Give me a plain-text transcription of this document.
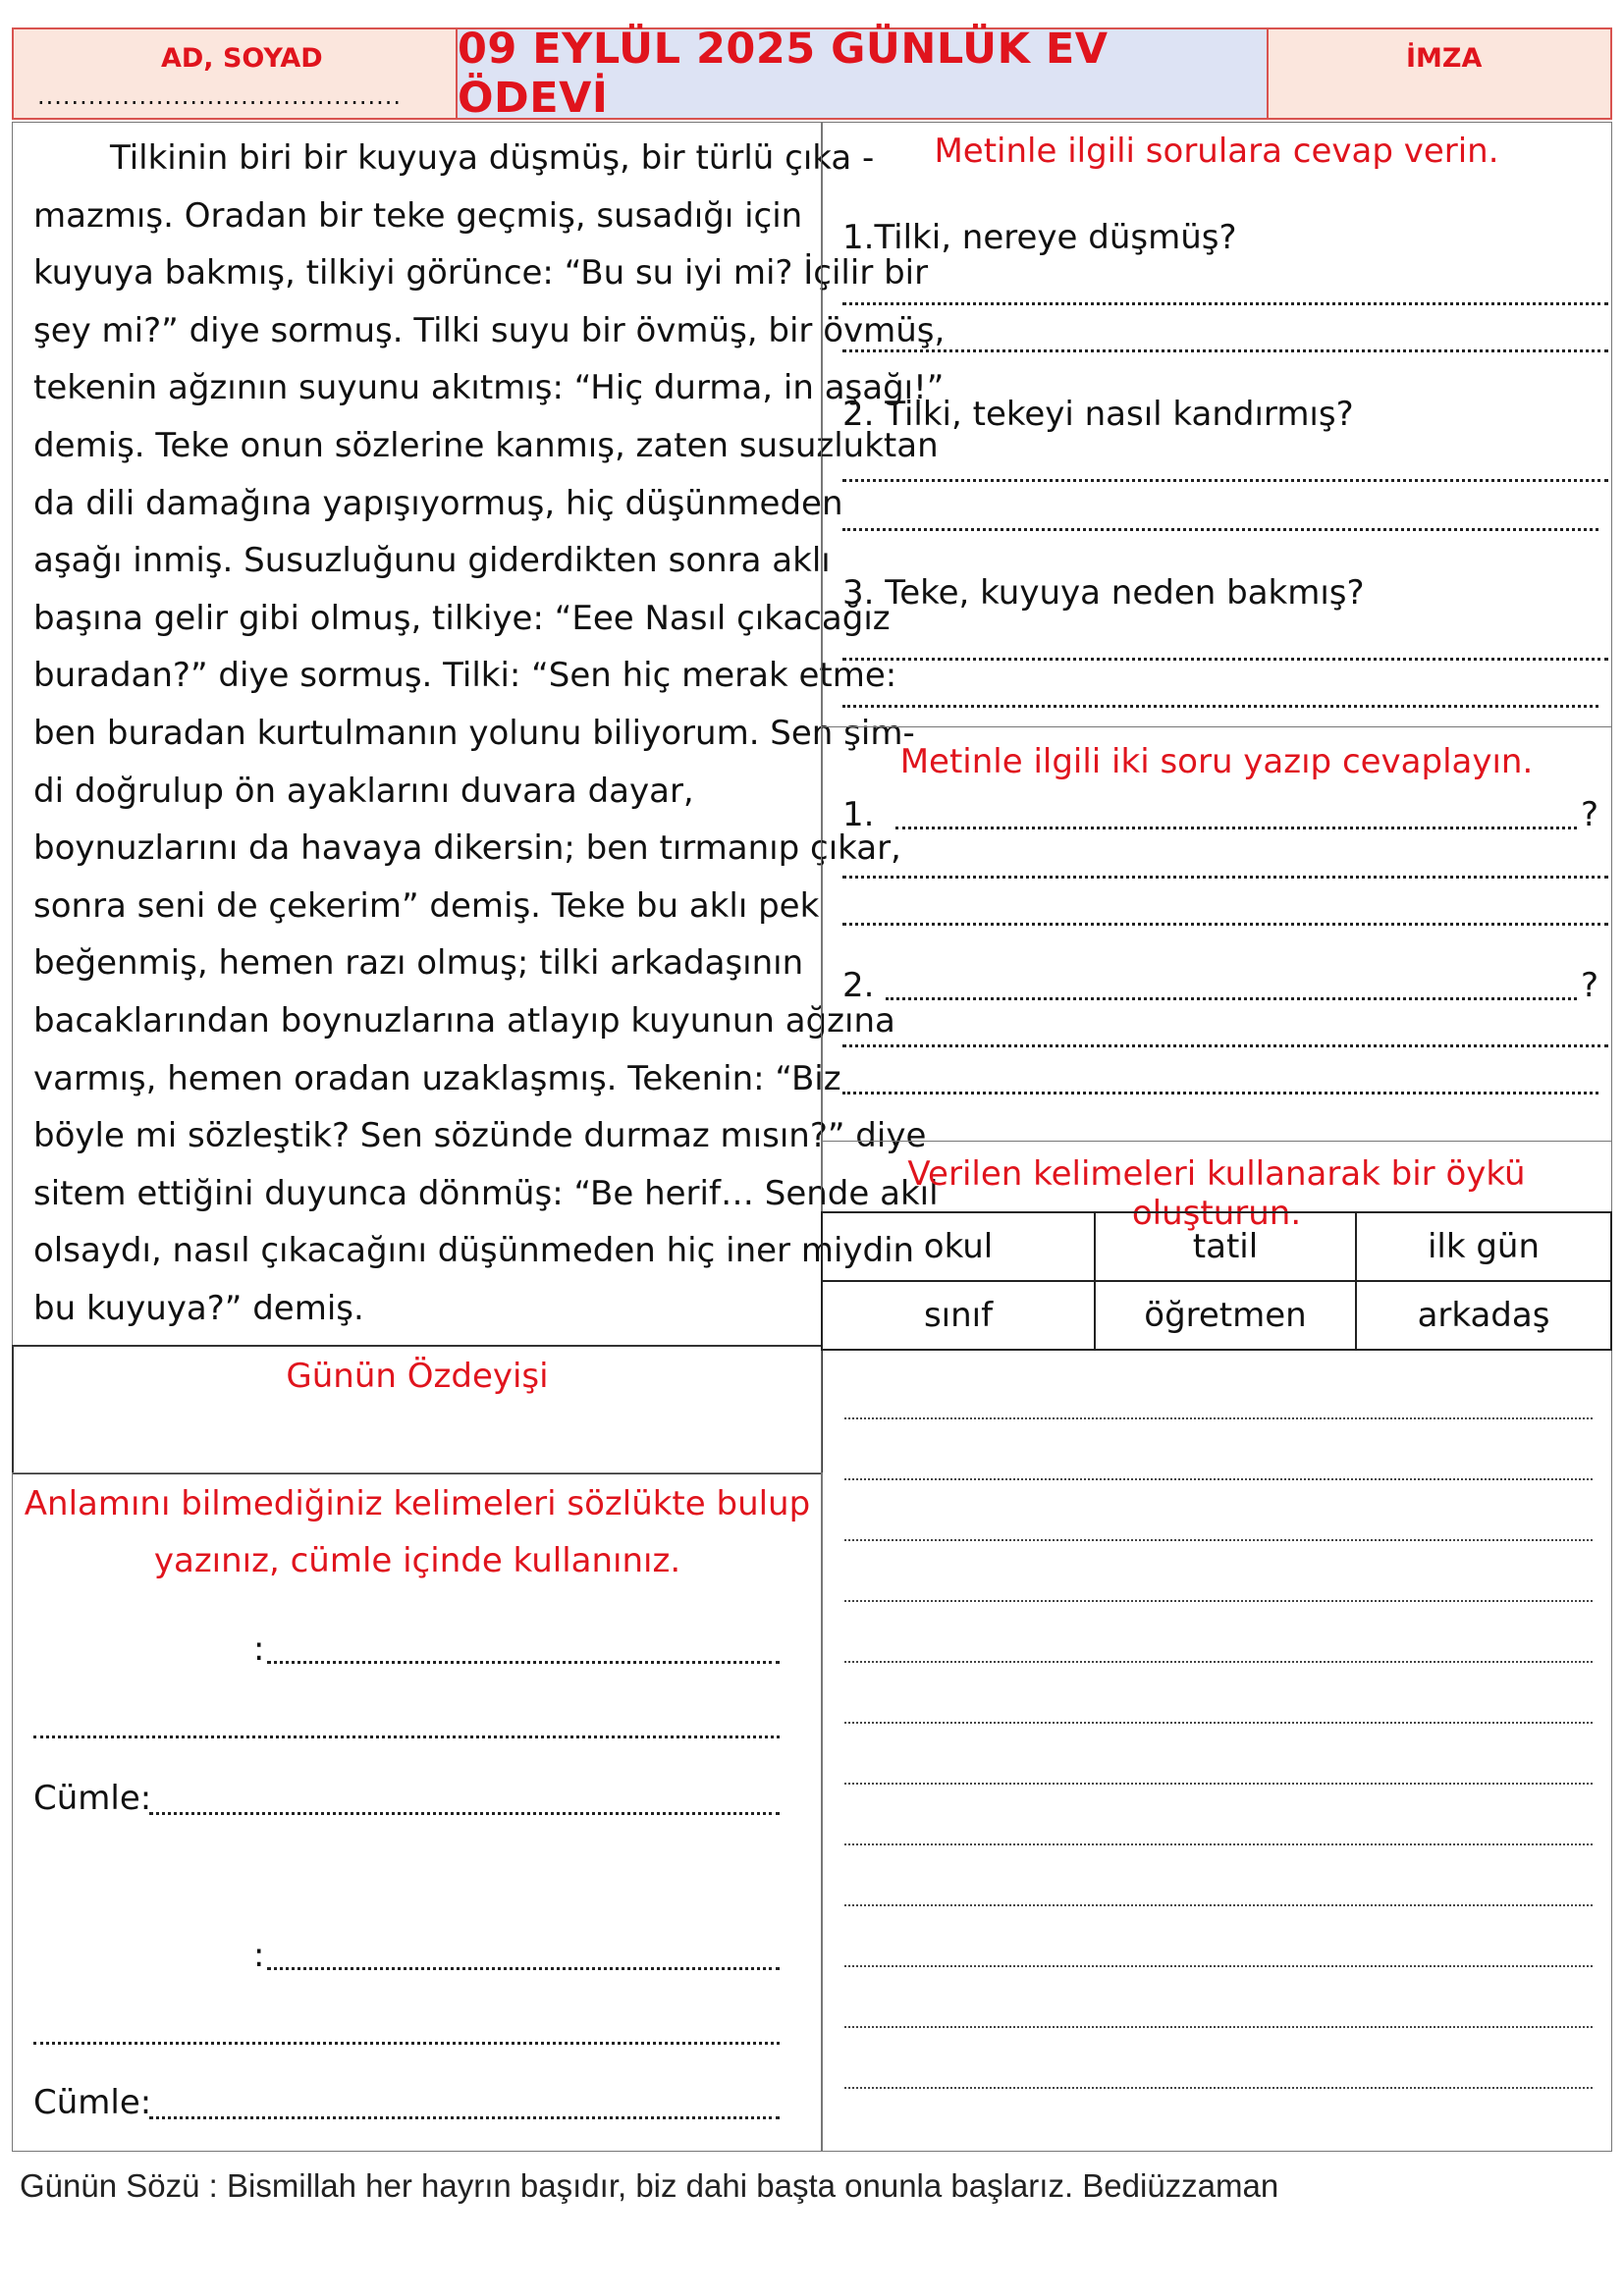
AD, SOYAD
...........................................
09 EYLÜL 2025 GÜNLÜK EV ÖDEVİ
İMZA
Tilkinin biri bir kuyuya düşmüş, bir türlü çıka -
mazmış. Oradan bir teke geçmiş, susadığı için
kuyuya bakmış, tilkiyi görünce: “Bu su iyi mi? İçilir bir
şey mi?” diye sormuş. Tilki suyu bir övmüş, bir övmüş,
tekenin ağzının suyunu akıtmış: “Hiç durma, in aşağı!”
demiş. Teke onun sözlerine kanmış, zaten susuzluktan
da dili damağına yapışıyormuş, hiç düşünmeden
aşağı inmiş. Susuzluğunu giderdikten sonra aklı
başına gelir gibi olmuş, tilkiye: “Eee Nasıl çıkacağız
buradan?” diye sormuş. Tilki: “Sen hiç merak etme:
ben buradan kurtulmanın yolunu biliyorum. Sen şim-
di doğrulup ön ayaklarını duvara dayar,
boynuzlarını da havaya dikersin; ben tırmanıp çıkar,
sonra seni de çekerim” demiş. Teke bu aklı pek
beğenmiş, hemen razı olmuş; tilki arkadaşının
bacaklarından boynuzlarına atlayıp kuyunun ağzına
varmış, hemen oradan uzaklaşmış. Tekenin: “Biz
böyle mi sözleştik? Sen sözünde durmaz mısın?” diye
sitem ettiğini duyunca dönmüş: “Be herif… Sende akıl
olsaydı, nasıl çıkacağını düşünmeden hiç iner miydin
bu kuyuya?” demiş.
Günün Özdeyişi
Anlamını bilmediğiniz kelimeleri sözlükte bulup
yazınız, cümle içinde kullanınız.
:
Cümle:
:
Cümle:
Metinle ilgili sorulara cevap verin.
1.Tilki, nereye düşmüş?
2. Tilki, tekeyi nasıl kandırmış?
3. Teke, kuyuya neden bakmış?
Metinle ilgili iki soru yazıp cevaplayın.
1.	?
2.	?
Verilen kelimeleri kullanarak bir öykü oluşturun.
okul	tatil	ilk gün
sınıf	öğretmen	arkadaş
Günün Sözü : Bismillah her hayrın başıdır, biz dahi başta onunla başlarız. Bediüzzaman
